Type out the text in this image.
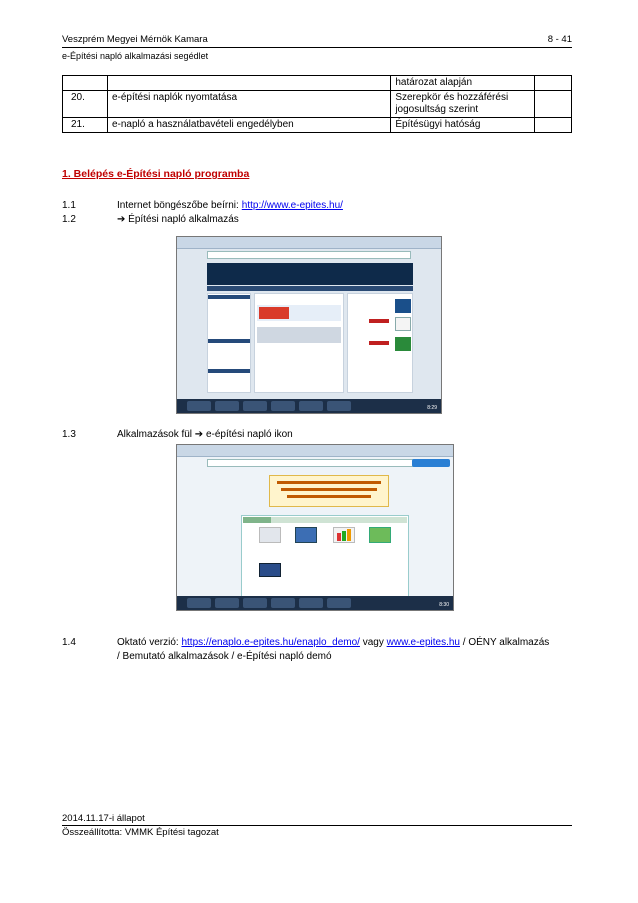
Veszprém Megyei Mérnök Kamara	8 - 41
e-Építési napló alkalmazási segédlet
		határozat alapján	
20.	e-építési naplók nyomtatása	Szerepkör és hozzáférési jogosultság szerint	
21.	e-napló a használatbavételi engedélyben	Építésügyi hatóság	
1. Belépés e-Építési napló programba
1.1	Internet böngészőbe beírni: http://www.e-epites.hu/
1.2	➔ Építési napló alkalmazás
8:29
1.3	Alkalmazások fül ➔ e-építési napló ikon
8:30
1.4	Oktató verzió: https://enaplo.e-epites.hu/enaplo_demo/ vagy www.e-epites.hu / OÉNY alkalmazás
/ Bemutató alkalmazások / e-Építési napló demó
2014.11.17-i állapot
Összeállította: VMMK Építési tagozat
